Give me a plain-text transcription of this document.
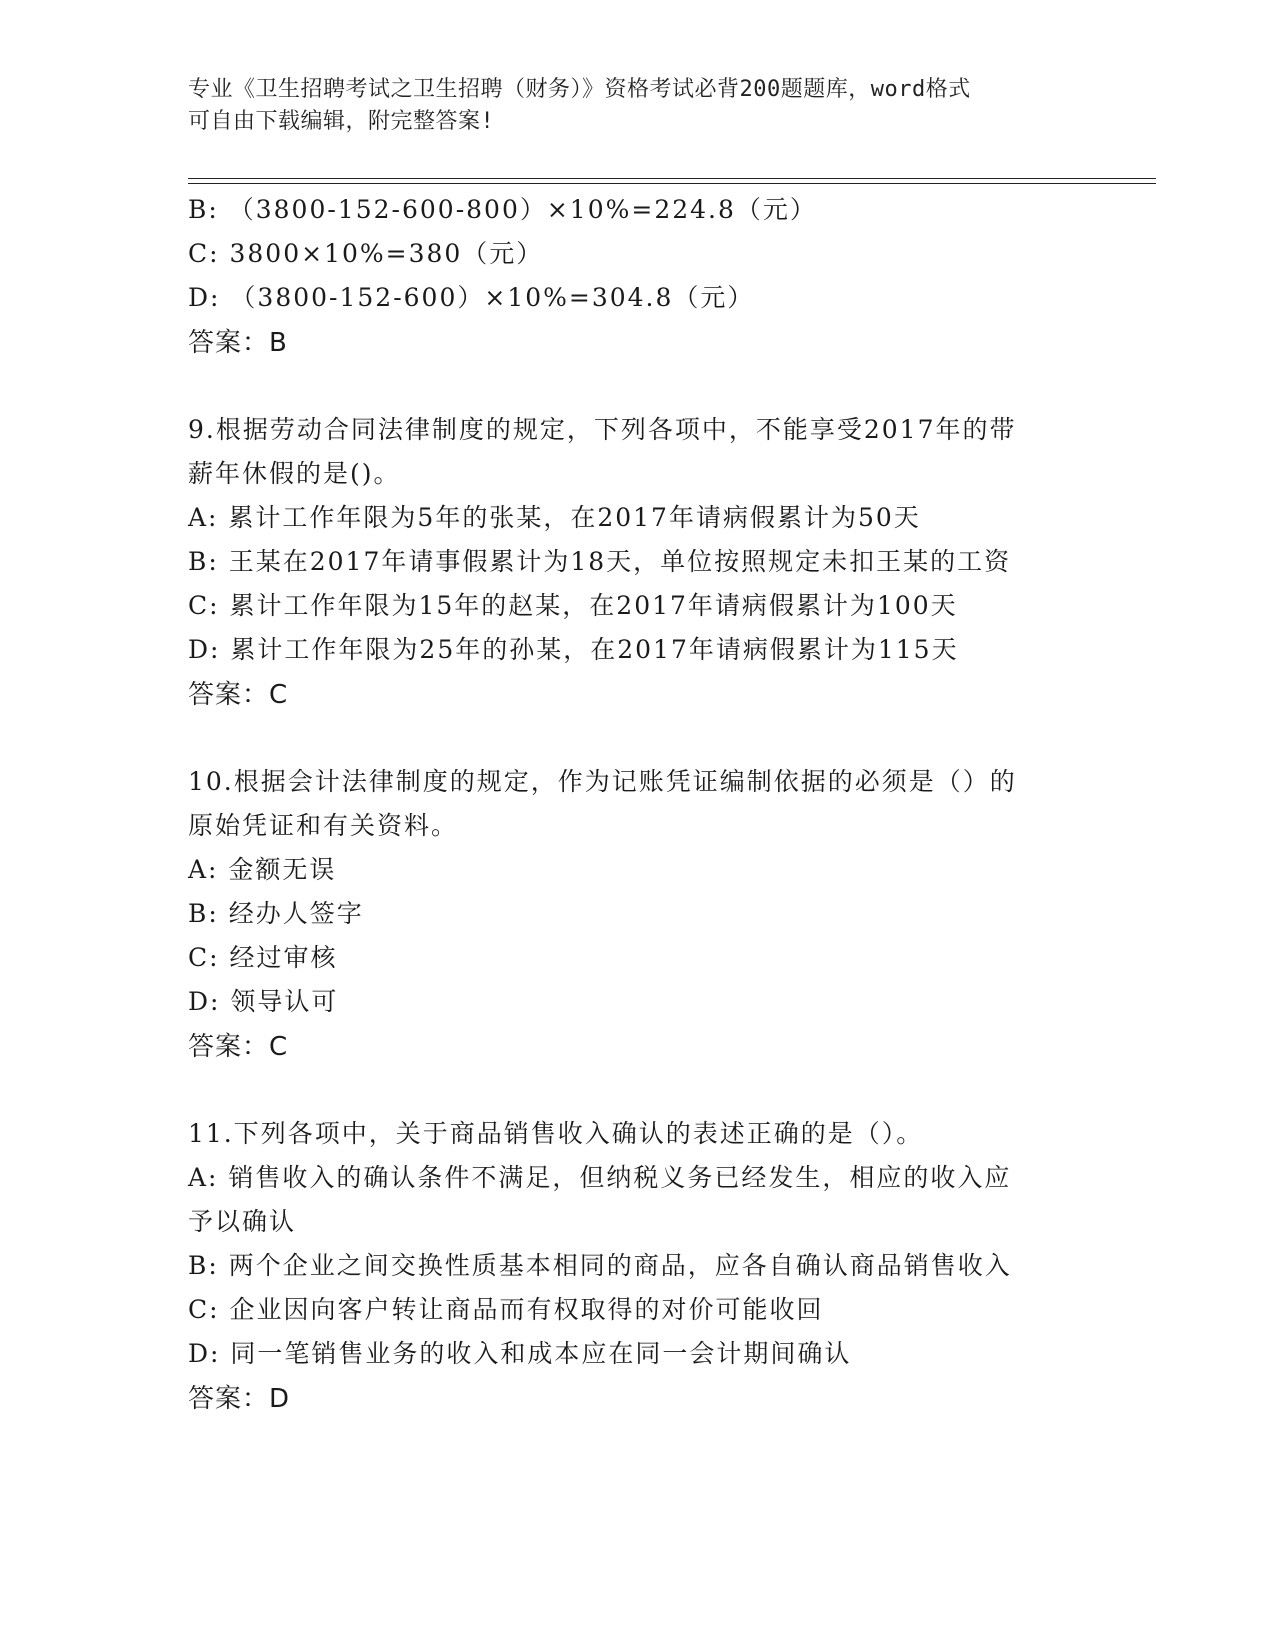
专业《卫生招聘考试之卫生招聘（财务）》资格考试必背200题题库，word格式
可自由下载编辑，附完整答案!
B: （3800-152-600-800）×10%=224.8（元）
C: 3800×10%=380（元）
D: （3800-152-600）×10%=304.8（元）
答案：B
9.根据劳动合同法律制度的规定，下列各项中，不能享受2017年的带
薪年休假的是()。
A: 累计工作年限为5年的张某，在2017年请病假累计为50天
B: 王某在2017年请事假累计为18天，单位按照规定未扣王某的工资
C: 累计工作年限为15年的赵某，在2017年请病假累计为100天
D: 累计工作年限为25年的孙某，在2017年请病假累计为115天
答案：C
10.根据会计法律制度的规定，作为记账凭证编制依据的必须是（）的
原始凭证和有关资料。
A: 金额无误
B: 经办人签字
C: 经过审核
D: 领导认可
答案：C
11.下列各项中，关于商品销售收入确认的表述正确的是（）。
A: 销售收入的确认条件不满足，但纳税义务已经发生，相应的收入应
予以确认
B: 两个企业之间交换性质基本相同的商品，应各自确认商品销售收入
C: 企业因向客户转让商品而有权取得的对价可能收回
D: 同一笔销售业务的收入和成本应在同一会计期间确认
答案：D
